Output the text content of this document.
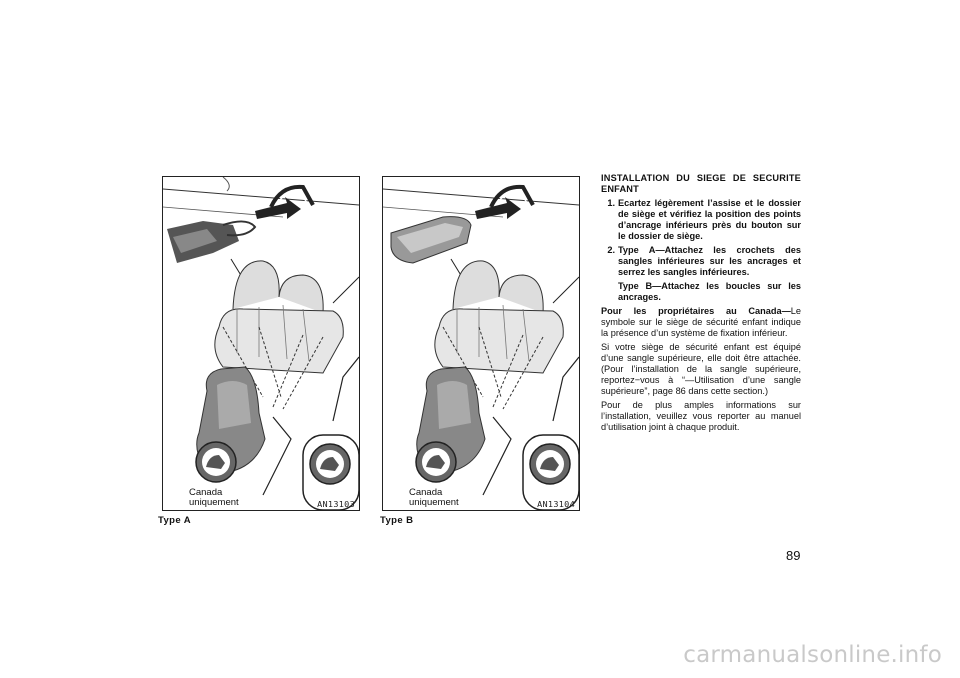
Canada
uniquement	AN13103
Type A
Canada
uniquement	AN13104
Type B

INSTALLATION DU SIEGE DE SECURITE ENFANT

1. Ecartez légèrement l’assise et le dossier de siège et vérifiez la position des points d’ancrage inférieurs près du bouton sur le dossier de siège.
2. Type A—Attachez les crochets des sangles inférieures sur les ancrages et serrez les sangles inférieures.

Type B—Attachez les boucles sur les ancrages.

Pour les propriétaires au Canada—Le symbole sur le siège de sécurité enfant indique la présence d’un système de fixation inférieur.

Si votre siège de sécurité enfant est équipé d’une sangle supérieure, elle doit être attachée. (Pour l’installation de la sangle supérieure, reportez−vous à “—Utilisation d’une sangle supérieure”, page 86 dans cette section.)

Pour de plus amples informations sur l’installation, veuillez vous reporter au manuel d’utilisation joint à chaque produit.

89
carmanualsonline.info
